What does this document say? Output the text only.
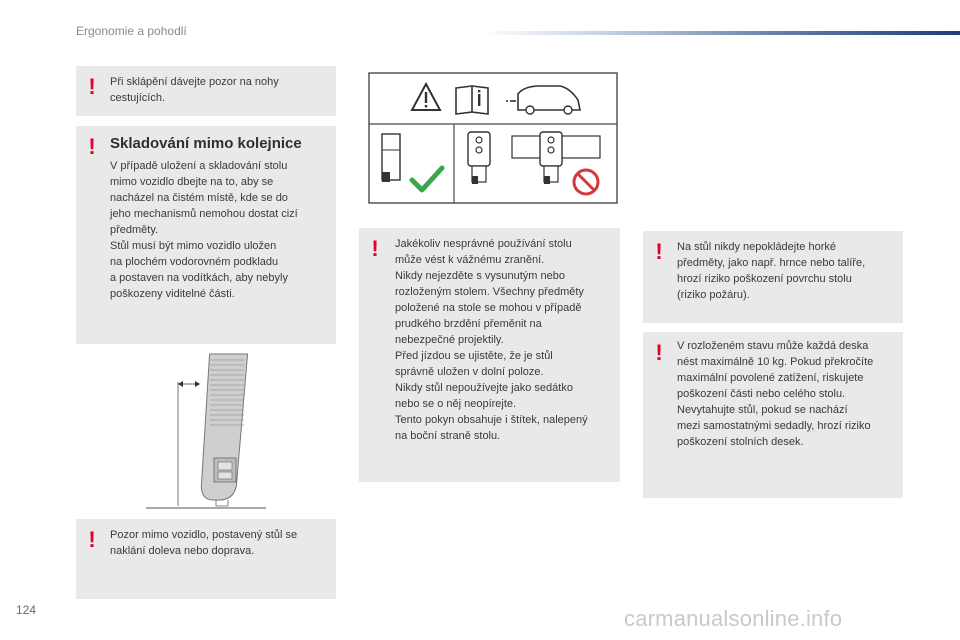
Ergonomie a pohodlí
! Při sklápění dávejte pozor na nohy
cestujících.

! Skladování mimo kolejnice

V případě uložení a skladování stolu
mimo vozidlo dbejte na to, aby se
nacházel na čistém místě, kde se do
jeho mechanismů nemohou dostat cizí
předměty.
Stůl musí být mimo vozidlo uložen
na plochém vodorovném podkladu
a postaven na vodítkách, aby nebyly
poškozeny viditelné části.

! Pozor mimo vozidlo, postavený stůl se
naklání doleva nebo doprava.

! Jakékoliv nesprávné používání stolu
může vést k vážnému zranění.
Nikdy nejezděte s vysunutým nebo
rozloženým stolem. Všechny předměty
položené na stole se mohou v případě
prudkého brzdění přeměnit na
nebezpečné projektily.
Před jízdou se ujistěte, že je stůl
správně uložen v dolní poloze.
Nikdy stůl nepoužívejte jako sedátko
nebo se o něj neopírejte.
Tento pokyn obsahuje i štítek, nalepený
na boční straně stolu.

! Na stůl nikdy nepokládejte horké
předměty, jako např. hrnce nebo talíře,
hrozí riziko poškození povrchu stolu
(riziko požáru).

! V rozloženém stavu může každá deska
nést maximálně 10 kg. Pokud překročíte
maximální povolené zatížení, riskujete
poškození části nebo celého stolu.
Nevytahujte stůl, pokud se nachází
mezi samostatnými sedadly, hrozí riziko
poškození stolních desek.

124	carmanualsonline.info
